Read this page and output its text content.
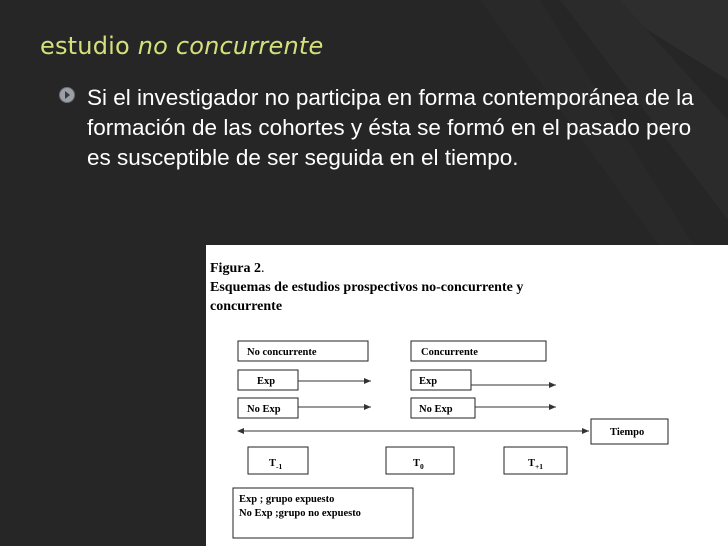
estudio no concurrente
Si el investigador no participa en forma contemporánea de la formación de las cohortes y ésta se formó en el pasado pero es susceptible de ser seguida en el tiempo.
Figura 2.
Esquemas de estudios prospectivos no-concurrente y
concurrente
No concurrente	Concurrente
Exp	Exp
No Exp	No Exp
Tiempo
$T_{-1}$	$T_0$	$T_{+1}$
Exp ; grupo expuesto
No Exp ;grupo no expuesto
